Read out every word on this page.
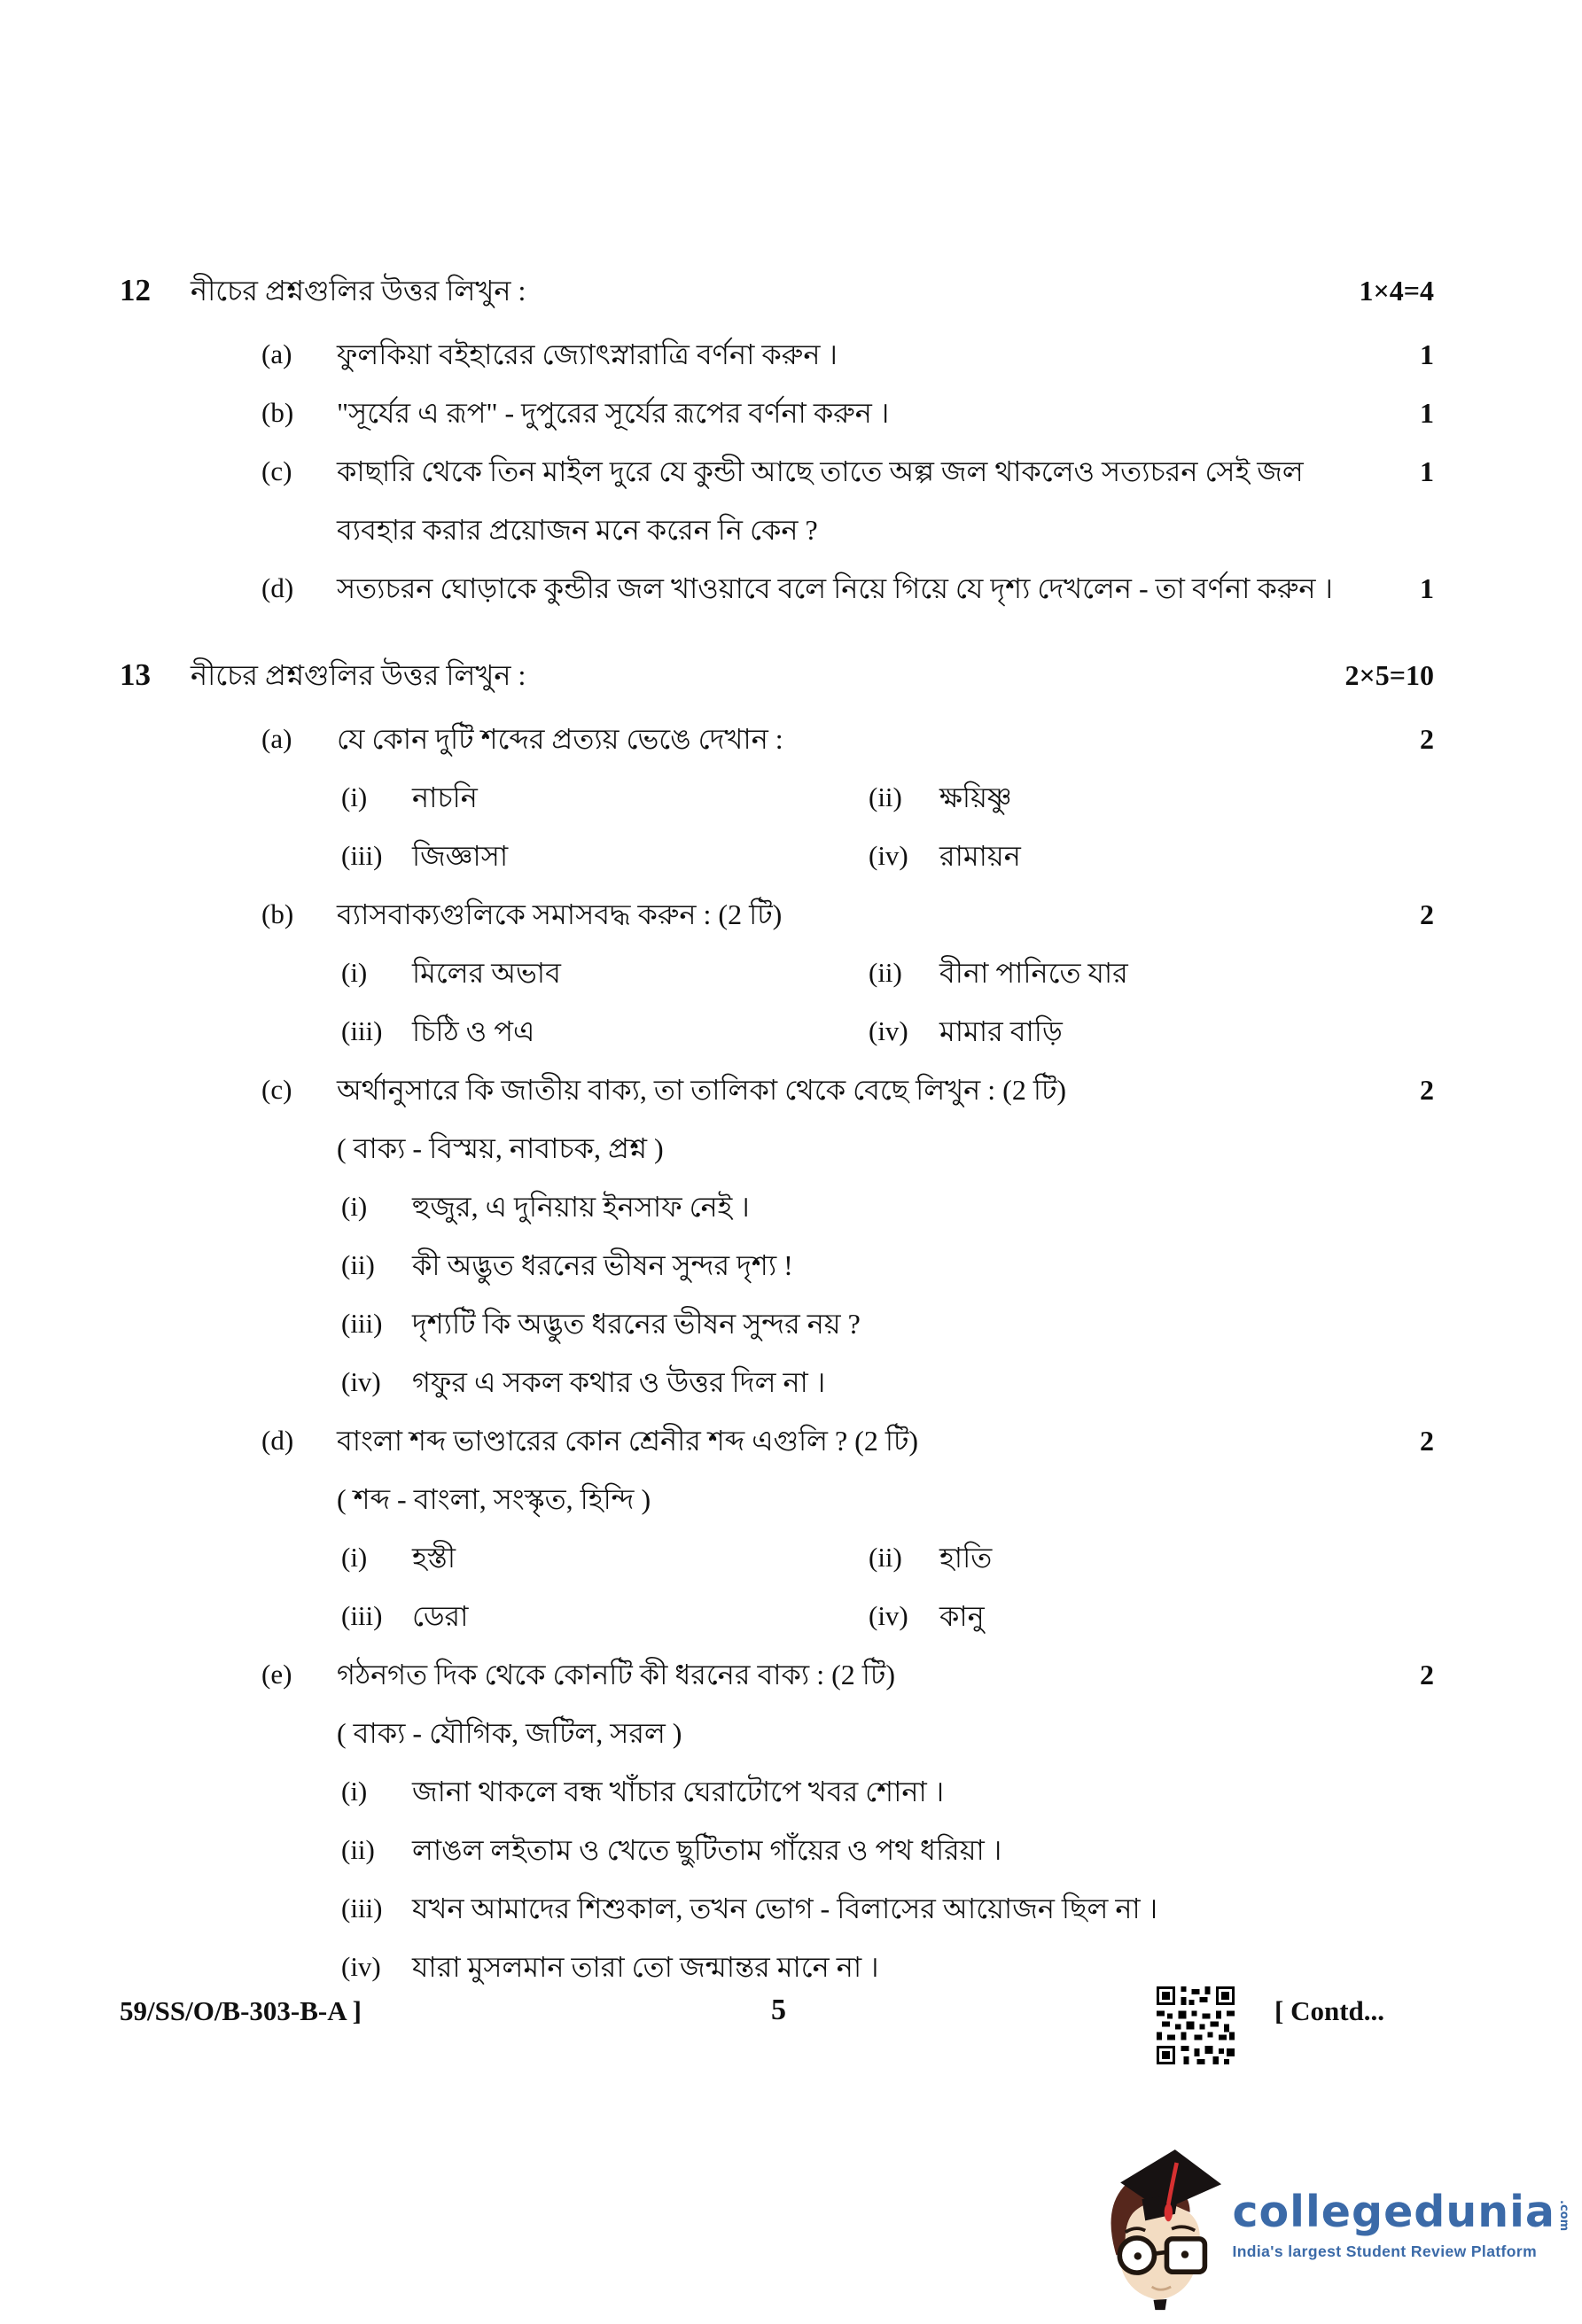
12	নীচের প্রশ্নগুলির উত্তর লিখুন :	1×4=4
(a)	ফুলকিয়া বইহারের জ্যোৎস্নারাত্রি বর্ণনা করুন ।	1
(b)	"সূর্যের এ রূপ" - দুপুরের সূর্যের রূপের বর্ণনা করুন ।	1
(c)	কাছারি থেকে তিন মাইল দুরে যে কুন্ডী আছে তাতে অল্প জল থাকলেও সত্যচরন সেই জল	1
ব্যবহার করার প্রয়োজন মনে করেন নি কেন ?
(d)	সত্যচরন ঘোড়াকে কুন্ডীর জল খাওয়াবে বলে নিয়ে গিয়ে যে দৃশ্য দেখলেন - তা বর্ণনা করুন ।	1
13	নীচের প্রশ্নগুলির উত্তর লিখুন :	2×5=10
(a)	যে কোন দুটি শব্দের প্রত্যয় ভেঙে দেখান :	2
(i)	নাচনি	(ii)	ক্ষয়িষ্ণু
(iii)	জিজ্ঞাসা	(iv)	রামায়ন
(b)	ব্যাসবাক্যগুলিকে সমাসবদ্ধ করুন : (2 টি)	2
(i)	মিলের অভাব	(ii)	বীনা পানিতে যার
(iii)	চিঠি ও পএ	(iv)	মামার বাড়ি
(c)	অর্থানুসারে কি জাতীয় বাক্য, তা তালিকা থেকে বেছে লিখুন : (2 টি)	2
( বাক্য - বিস্ময়, নাবাচক, প্রশ্ন )
(i)	হুজুর, এ দুনিয়ায় ইনসাফ নেই ।
(ii)	কী অদ্ভুত ধরনের ভীষন সুন্দর দৃশ্য !
(iii)	দৃশ্যটি কি অদ্ভুত ধরনের ভীষন সুন্দর নয় ?
(iv)	গফুর এ সকল কথার ও উত্তর দিল না ।
(d)	বাংলা শব্দ ভাণ্ডারের কোন শ্রেনীর শব্দ এগুলি ? (2 টি)	2
( শব্দ - বাংলা, সংস্কৃত, হিন্দি )
(i)	হস্তী	(ii)	হাতি
(iii)	ডেরা	(iv)	কানু
(e)	গঠনগত দিক থেকে কোনটি কী ধরনের বাক্য : (2 টি)	2
( বাক্য - যৌগিক, জটিল, সরল )
(i)	জানা থাকলে বন্ধ খাঁচার ঘেরাটোপে খবর শোনা ।
(ii)	লাঙল লইতাম ও খেতে ছুটিতাম গাঁয়ের ও পথ ধরিয়া ।
(iii)	যখন আমাদের শিশুকাল, তখন ভোগ - বিলাসের আয়োজন ছিল না ।
(iv)	যারা মুসলমান তারা তো জন্মান্তর মানে না ।
59/SS/O/B-303-B-A ]	5	[ Contd...
collegedunia .com
India's largest Student Review Platform
